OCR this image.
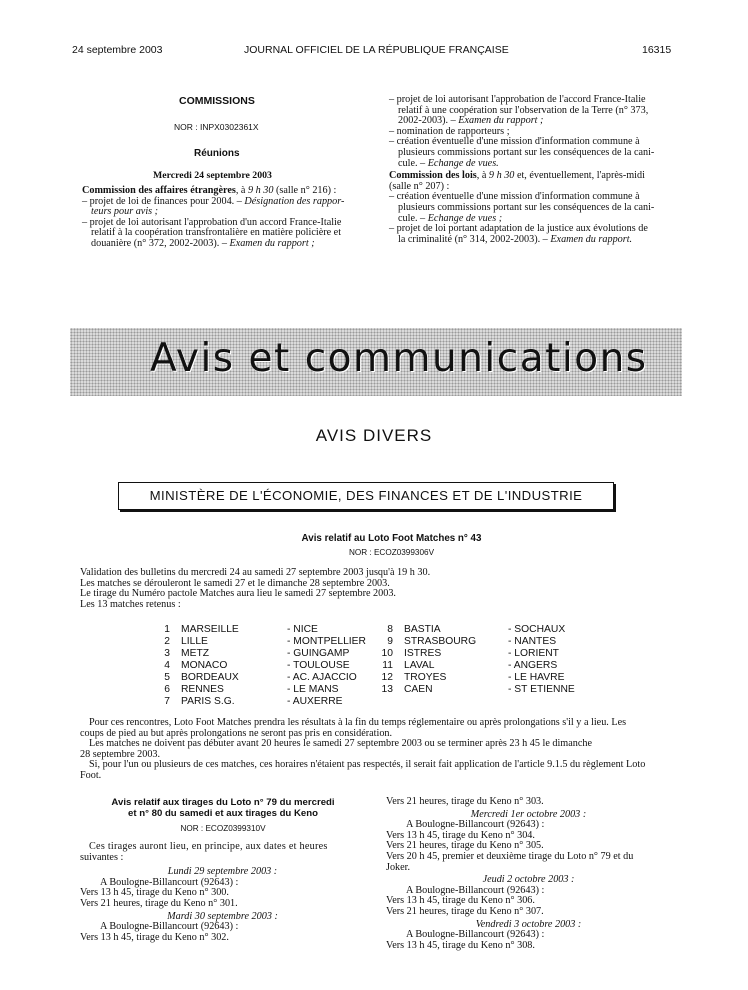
24 septembre 2003	JOURNAL OFFICIEL DE LA RÉPUBLIQUE FRANÇAISE	16315
COMMISSIONS
NOR : INPX0302361X
Réunions
Mercredi 24 septembre 2003
Commission des affaires étrangères, à 9 h 30 (salle n° 216) :
– projet de loi de finances pour 2004. – Désignation des rappor-
teurs pour avis ;
– projet de loi autorisant l'approbation d'un accord France-Italie
relatif à la coopération transfrontalière en matière policière et
douanière (n° 372, 2002-2003). – Examen du rapport ;
– projet de loi autorisant l'approbation de l'accord France-Italie
relatif à une coopération sur l'observation de la Terre (n° 373,
2002-2003). – Examen du rapport ;
– nomination de rapporteurs ;
– création éventuelle d'une mission d'information commune à
plusieurs commissions portant sur les conséquences de la cani-
cule. – Echange de vues.
Commission des lois, à 9 h 30 et, éventuellement, l'après-midi
(salle n° 207) :
– création éventuelle d'une mission d'information commune à
plusieurs commissions portant sur les conséquences de la cani-
cule. – Echange de vues ;
– projet de loi portant adaptation de la justice aux évolutions de
la criminalité (n° 314, 2002-2003). – Examen du rapport.
Avis et communications
AVIS DIVERS
MINISTÈRE DE L'ÉCONOMIE, DES FINANCES ET DE L'INDUSTRIE
Avis relatif au Loto Foot Matches n° 43
NOR : ECOZ0399306V
Validation des bulletins du mercredi 24 au samedi 27 septembre 2003 jusqu'à 19 h 30.
Les matches se dérouleront le samedi 27 et le dimanche 28 septembre 2003.
Le tirage du Numéro pactole Matches aura lieu le samedi 27 septembre 2003.
Les 13 matches retenus :
1 MARSEILLE	- NICE
2 LILLE	- MONTPELLIER
3 METZ	- GUINGAMP
4 MONACO	- TOULOUSE
5 BORDEAUX	- AC. AJACCIO
6 RENNES	- LE MANS
7 PARIS S.G.	- AUXERRE
8 BASTIA	- SOCHAUX
9 STRASBOURG	- NANTES
10 ISTRES	- LORIENT
11 LAVAL	- ANGERS
12 TROYES	- LE HAVRE
13 CAEN	- ST ETIENNE
Pour ces rencontres, Loto Foot Matches prendra les résultats à la fin du temps réglementaire ou après prolongations s'il y a lieu. Les
coups de pied au but après prolongations ne seront pas pris en considération.
Les matches ne doivent pas débuter avant 20 heures le samedi 27 septembre 2003 ou se terminer après 23 h 45 le dimanche
28 septembre 2003.
Si, pour l'un ou plusieurs de ces matches, ces horaires n'étaient pas respectés, il serait fait application de l'article 9.1.5 du règlement Loto
Foot.
Avis relatif aux tirages du Loto n° 79 du mercredi
et n° 80 du samedi et aux tirages du Keno
NOR : ECOZ0399310V
Ces tirages auront lieu, en principe, aux dates et heures
suivantes :
Lundi 29 septembre 2003 :
A Boulogne-Billancourt (92643) :
Vers 13 h 45, tirage du Keno n° 300.
Vers 21 heures, tirage du Keno n° 301.
Mardi 30 septembre 2003 :
A Boulogne-Billancourt (92643) :
Vers 13 h 45, tirage du Keno n° 302.
Vers 21 heures, tirage du Keno n° 303.
Mercredi 1er octobre 2003 :
A Boulogne-Billancourt (92643) :
Vers 13 h 45, tirage du Keno n° 304.
Vers 21 heures, tirage du Keno n° 305.
Vers 20 h 45, premier et deuxième tirage du Loto n° 79 et du
Joker.
Jeudi 2 octobre 2003 :
A Boulogne-Billancourt (92643) :
Vers 13 h 45, tirage du Keno n° 306.
Vers 21 heures, tirage du Keno n° 307.
Vendredi 3 octobre 2003 :
A Boulogne-Billancourt (92643) :
Vers 13 h 45, tirage du Keno n° 308.
